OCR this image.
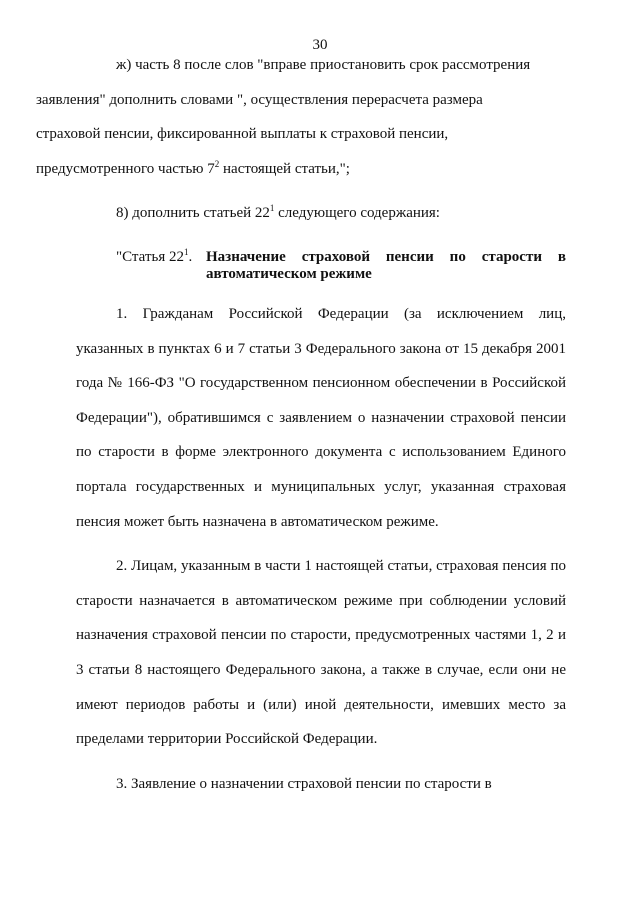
30

ж) часть 8 после слов "вправе приостановить срок рассмотрения
заявления" дополнить словами ", осуществления перерасчета размера
страховой пенсии, фиксированной выплаты к страховой пенсии,
предусмотренного частью $7^2$ настоящей статьи,";

8) дополнить статьей $22^1$ следующего содержания:

"Статья $22^1$. Назначение страховой пенсии по старости в автоматическом режиме

1. Гражданам Российской Федерации (за исключением лиц, указанных в пунктах 6 и 7 статьи 3 Федерального закона от 15 декабря 2001 года № 166-ФЗ "О государственном пенсионном обеспечении в Российской Федерации"), обратившимся с заявлением о назначении страховой пенсии по старости в форме электронного документа с использованием Единого портала государственных и муниципальных услуг, указанная страховая пенсия может быть назначена в автоматическом режиме.

2. Лицам, указанным в части 1 настоящей статьи, страховая пенсия по старости назначается в автоматическом режиме при соблюдении условий назначения страховой пенсии по старости, предусмотренных частями 1, 2 и 3 статьи 8 настоящего Федерального закона, а также в случае, если они не имеют периодов работы и (или) иной деятельности, имевших место за пределами территории Российской Федерации.

3. Заявление о назначении страховой пенсии по старости в
